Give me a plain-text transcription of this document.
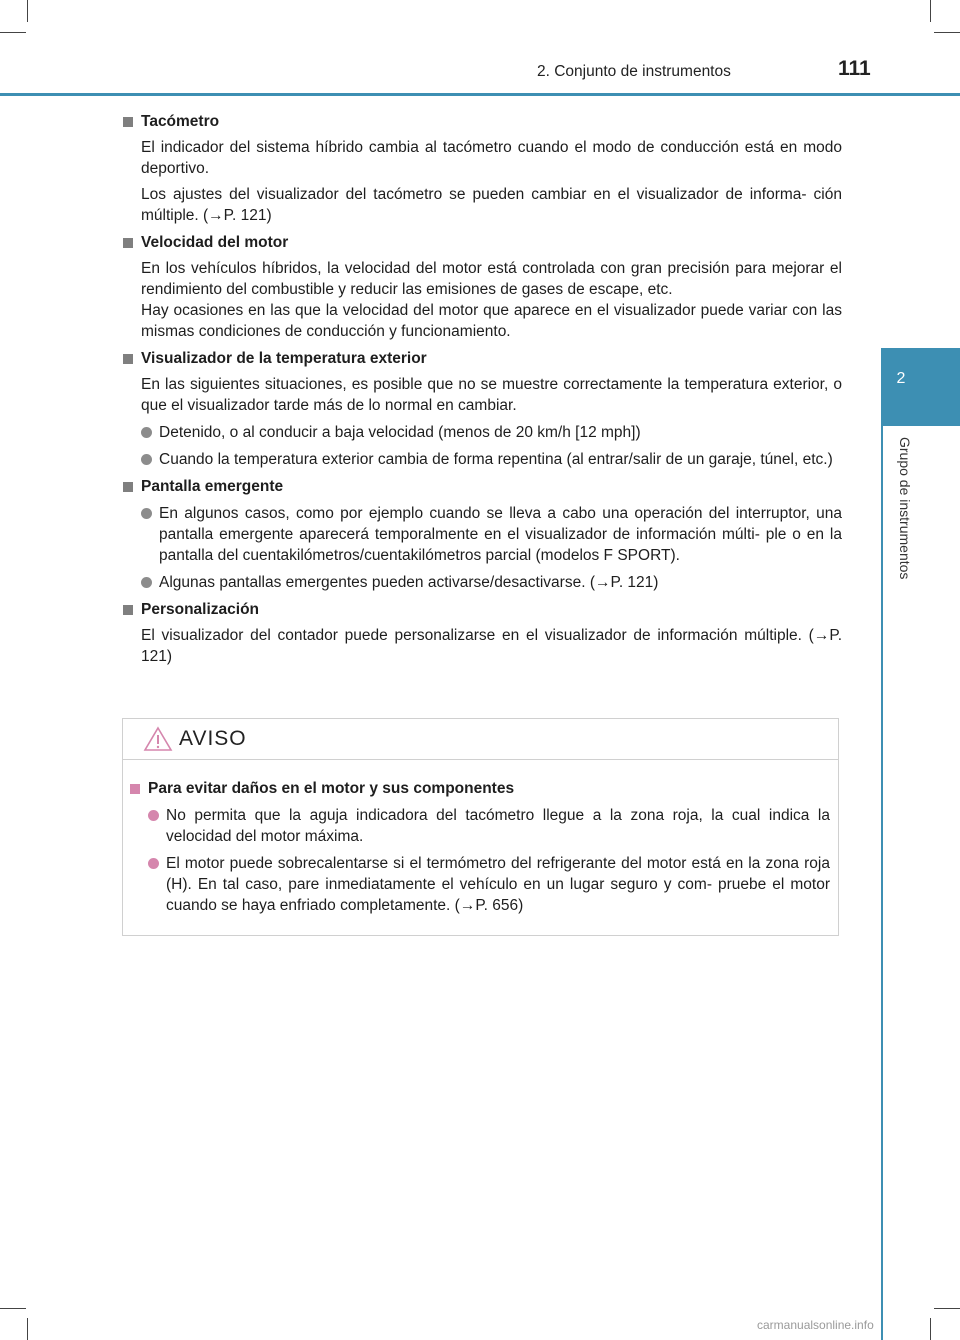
2. Conjunto de instrumentos	111
2
Grupo de instrumentos
Tacómetro
El indicador del sistema híbrido cambia al tacómetro cuando el modo de conducción está en modo deportivo.
Los ajustes del visualizador del tacómetro se pueden cambiar en el visualizador de informa- ción múltiple. (→P. 121)
Velocidad del motor
En los vehículos híbridos, la velocidad del motor está controlada con gran precisión para mejorar el rendimiento del combustible y reducir las emisiones de gases de escape, etc.
Hay ocasiones en las que la velocidad del motor que aparece en el visualizador puede variar con las mismas condiciones de conducción y funcionamiento.
Visualizador de la temperatura exterior
En las siguientes situaciones, es posible que no se muestre correctamente la temperatura exterior, o que el visualizador tarde más de lo normal en cambiar.
Detenido, o al conducir a baja velocidad (menos de 20 km/h [12 mph])
Cuando la temperatura exterior cambia de forma repentina (al entrar/salir de un garaje, túnel, etc.)
Pantalla emergente
En algunos casos, como por ejemplo cuando se lleva a cabo una operación del interruptor, una pantalla emergente aparecerá temporalmente en el visualizador de información múlti- ple o en la pantalla del cuentakilómetros/cuentakilómetros parcial (modelos F SPORT).
Algunas pantallas emergentes pueden activarse/desactivarse. (→P. 121)
Personalización
El visualizador del contador puede personalizarse en el visualizador de información múltiple. (→P. 121)
AVISO
Para evitar daños en el motor y sus componentes
No permita que la aguja indicadora del tacómetro llegue a la zona roja, la cual indica la velocidad del motor máxima.
El motor puede sobrecalentarse si el termómetro del refrigerante del motor está en la zona roja (H). En tal caso, pare inmediatamente el vehículo en un lugar seguro y com- pruebe el motor cuando se haya enfriado completamente. (→P. 656)
carmanualsonline.info
